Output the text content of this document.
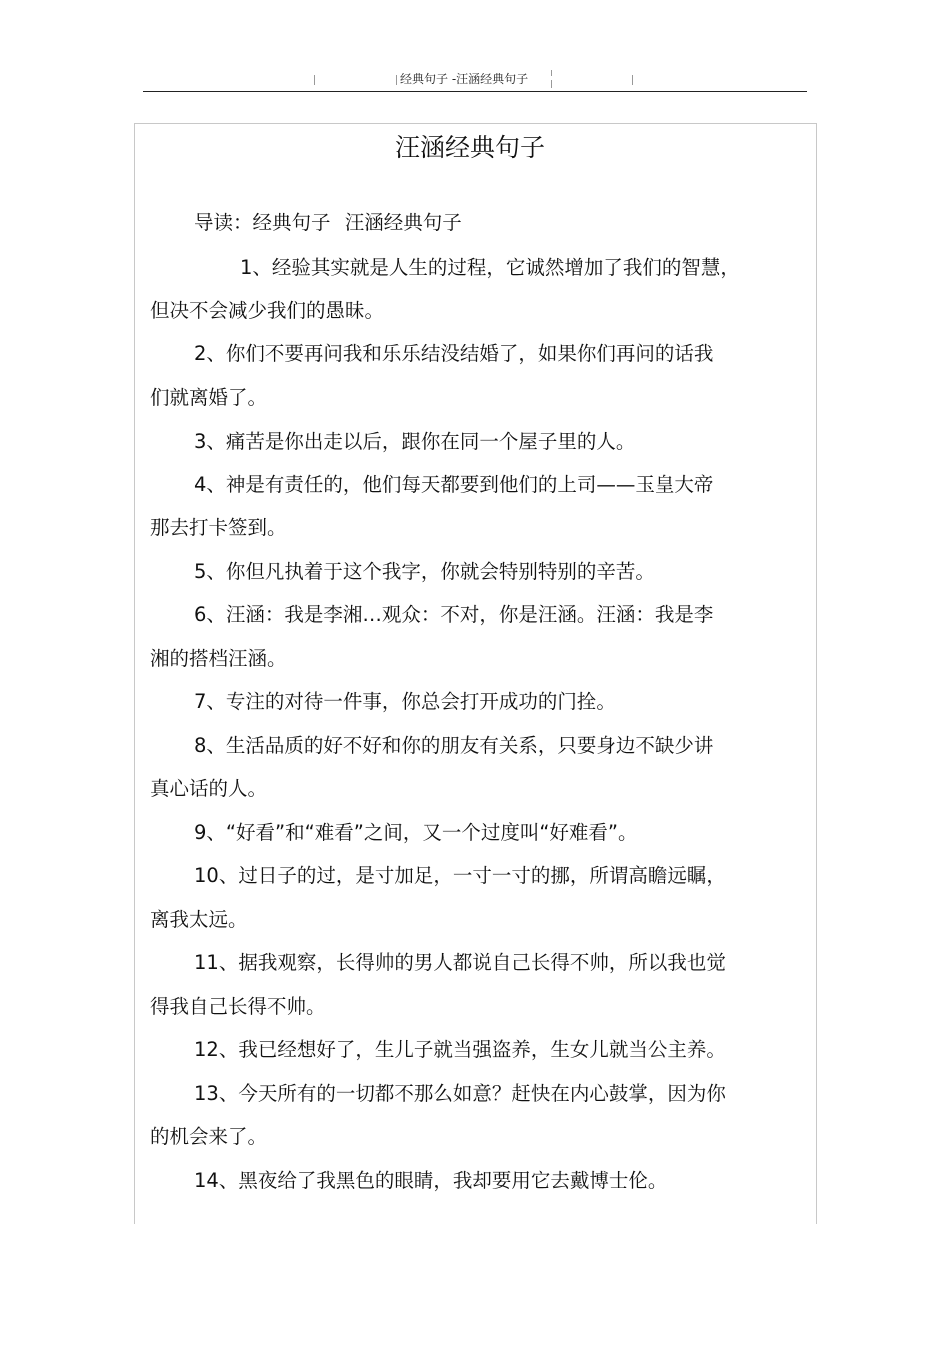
经典句子 -汪涵经典句子
汪涵经典句子
导读：经典句子 汪涵经典句子
1、经验其实就是人生的过程，它诚然增加了我们的智慧，
但决不会减少我们的愚昧。
2、你们不要再问我和乐乐结没结婚了，如果你们再问的话我
们就离婚了。
3、痛苦是你出走以后，跟你在同一个屋子里的人。
4、神是有责任的，他们每天都要到他们的上司——玉皇大帝
那去打卡签到。
5、你但凡执着于这个我字，你就会特别特别的辛苦。
6、汪涵：我是李湘…观众：不对，你是汪涵。汪涵：我是李
湘的搭档汪涵。
7、专注的对待一件事，你总会打开成功的门拴。
8、生活品质的好不好和你的朋友有关系，只要身边不缺少讲
真心话的人。
9、“好看”和“难看”之间，又一个过度叫“好难看”。
10、过日子的过，是寸加足，一寸一寸的挪，所谓高瞻远瞩，
离我太远。
11、据我观察，长得帅的男人都说自己长得不帅，所以我也觉
得我自己长得不帅。
12、我已经想好了，生儿子就当强盗养，生女儿就当公主养。
13、今天所有的一切都不那么如意？赶快在内心鼓掌，因为你
的机会来了。
14、黑夜给了我黑色的眼睛，我却要用它去戴博士伦。
